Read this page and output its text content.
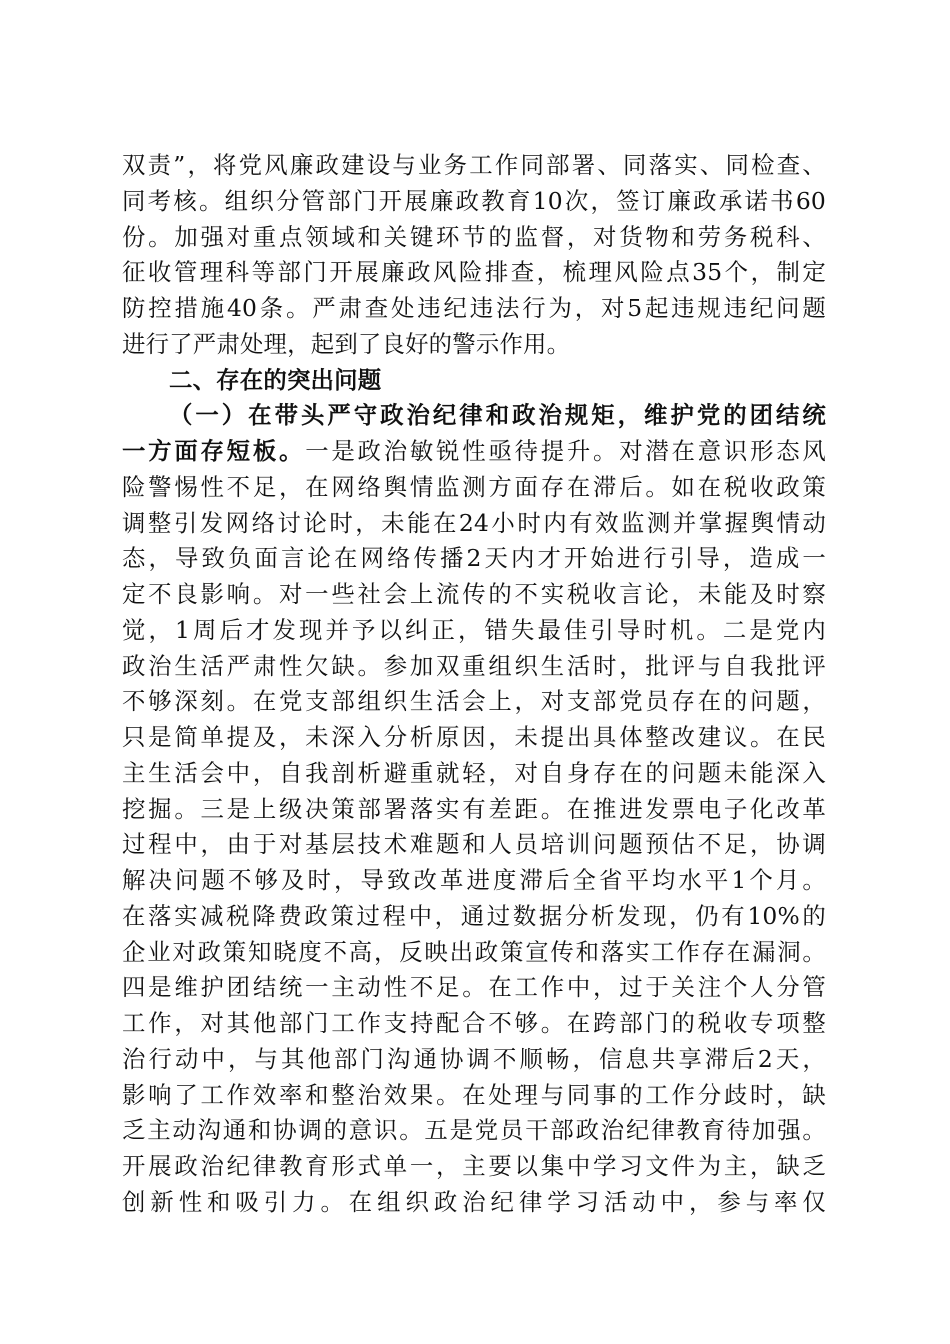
双责”，将党风廉政建设与业务工作同部署、同落实、同检查、
同考核。组织分管部门开展廉政教育10次，签订廉政承诺书60
份。加强对重点领域和关键环节的监督，对货物和劳务税科、
征收管理科等部门开展廉政风险排查，梳理风险点35个，制定
防控措施40条。严肃查处违纪违法行为，对5起违规违纪问题
进行了严肃处理，起到了良好的警示作用。
二、存在的突出问题
（一）在带头严守政治纪律和政治规矩，维护党的团结统
一方面存短板。一是政治敏锐性亟待提升。对潜在意识形态风
险警惕性不足，在网络舆情监测方面存在滞后。如在税收政策
调整引发网络讨论时，未能在24小时内有效监测并掌握舆情动
态，导致负面言论在网络传播2天内才开始进行引导，造成一
定不良影响。对一些社会上流传的不实税收言论，未能及时察
觉，1周后才发现并予以纠正，错失最佳引导时机。二是党内
政治生活严肃性欠缺。参加双重组织生活时，批评与自我批评
不够深刻。在党支部组织生活会上，对支部党员存在的问题，
只是简单提及，未深入分析原因，未提出具体整改建议。在民
主生活会中，自我剖析避重就轻，对自身存在的问题未能深入
挖掘。三是上级决策部署落实有差距。在推进发票电子化改革
过程中，由于对基层技术难题和人员培训问题预估不足，协调
解决问题不够及时，导致改革进度滞后全省平均水平1个月。
在落实减税降费政策过程中，通过数据分析发现，仍有10%的
企业对政策知晓度不高，反映出政策宣传和落实工作存在漏洞。
四是维护团结统一主动性不足。在工作中，过于关注个人分管
工作，对其他部门工作支持配合不够。在跨部门的税收专项整
治行动中，与其他部门沟通协调不顺畅，信息共享滞后2天，
影响了工作效率和整治效果。在处理与同事的工作分歧时，缺
乏主动沟通和协调的意识。五是党员干部政治纪律教育待加强。
开展政治纪律教育形式单一，主要以集中学习文件为主，缺乏
创新性和吸引力。在组织政治纪律学习活动中，参与率仅
